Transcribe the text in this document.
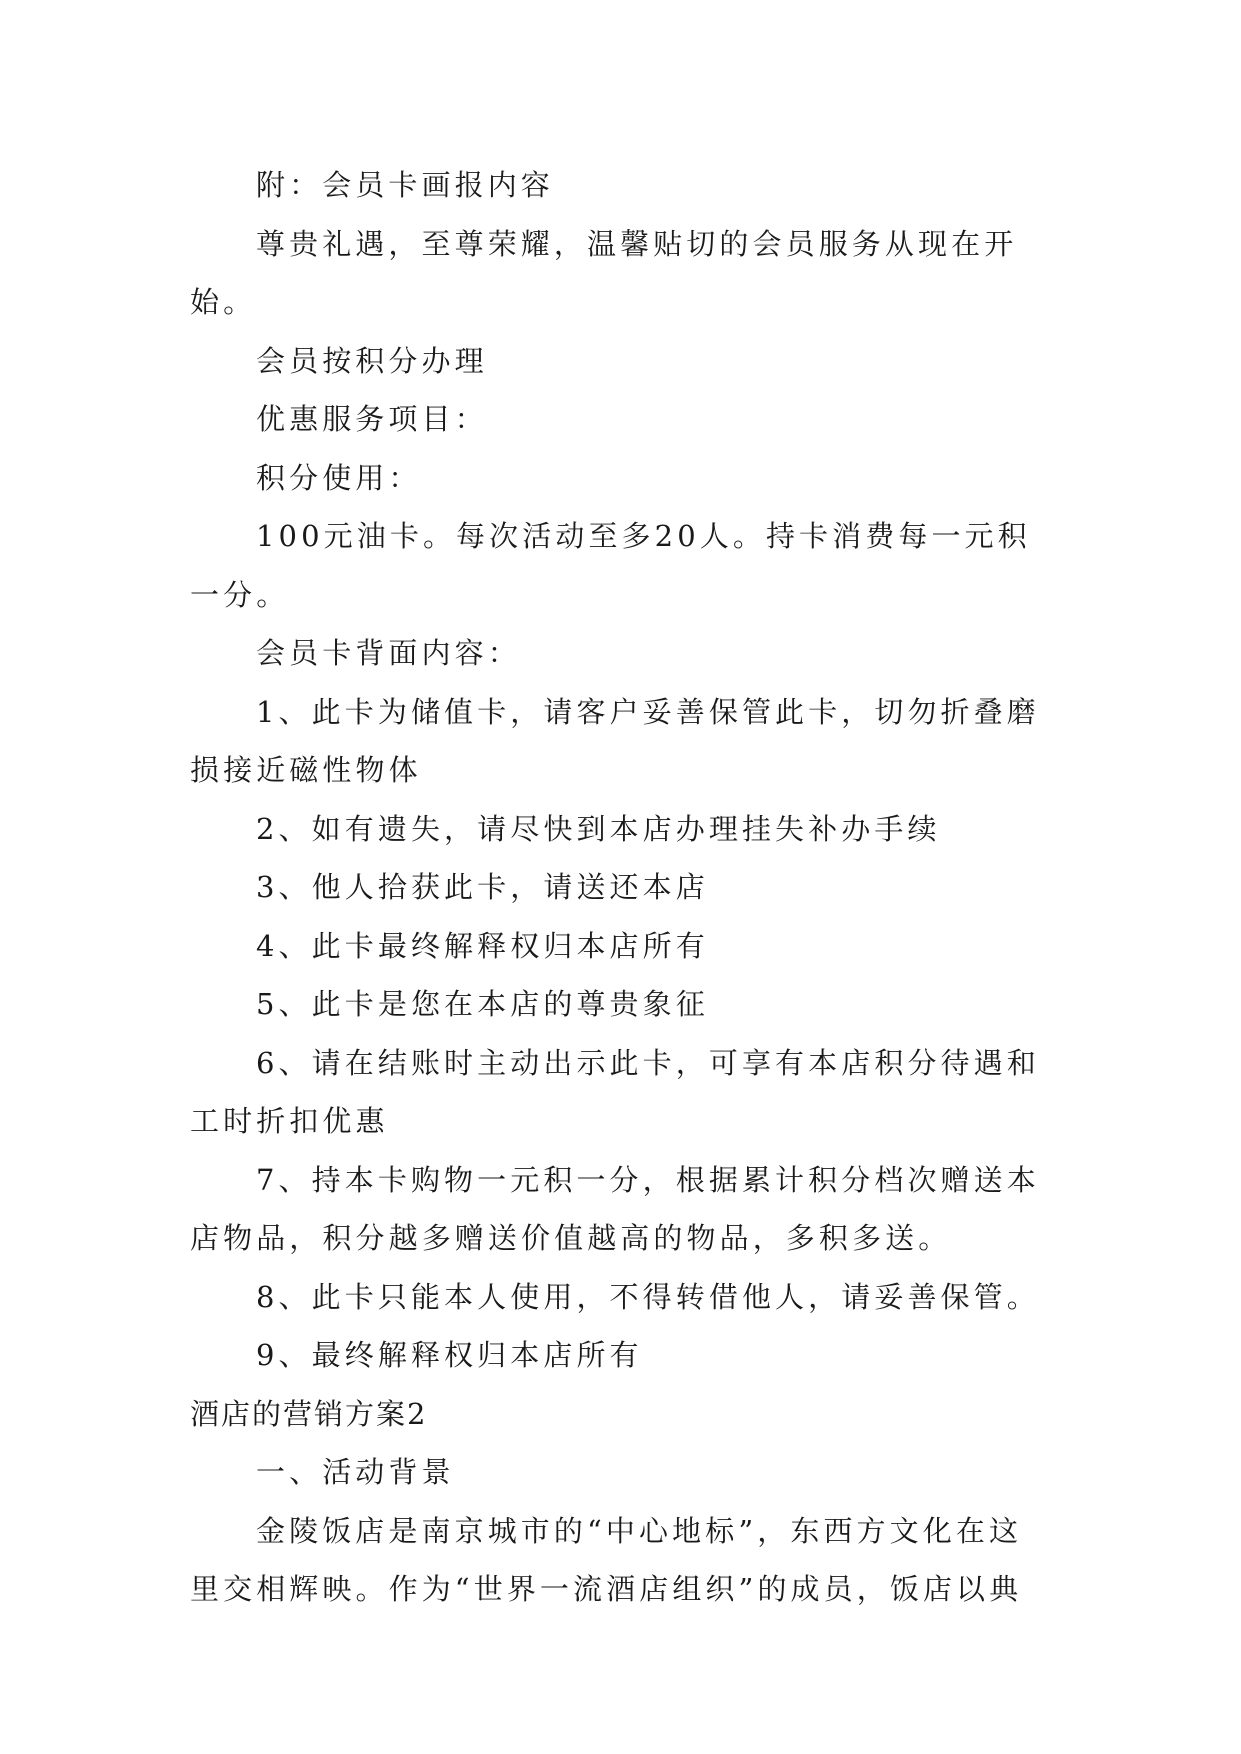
附：会员卡画报内容

尊贵礼遇，至尊荣耀，温馨贴切的会员服务从现在开始。

会员按积分办理

优惠服务项目：

积分使用：

100元油卡。每次活动至多20人。持卡消费每一元积一分。

会员卡背面内容：

1、此卡为储值卡，请客户妥善保管此卡，切勿折叠磨损接近磁性物体

2、如有遗失，请尽快到本店办理挂失补办手续

3、他人拾获此卡，请送还本店

4、此卡最终解释权归本店所有

5、此卡是您在本店的尊贵象征

6、请在结账时主动出示此卡，可享有本店积分待遇和工时折扣优惠

7、持本卡购物一元积一分，根据累计积分档次赠送本店物品，积分越多赠送价值越高的物品，多积多送。

8、此卡只能本人使用，不得转借他人，请妥善保管。

9、最终解释权归本店所有

酒店的营销方案2

一、活动背景

金陵饭店是南京城市的“中心地标”，东西方文化在这里交相辉映。作为“世界一流酒店组织”的成员，饭店以典
